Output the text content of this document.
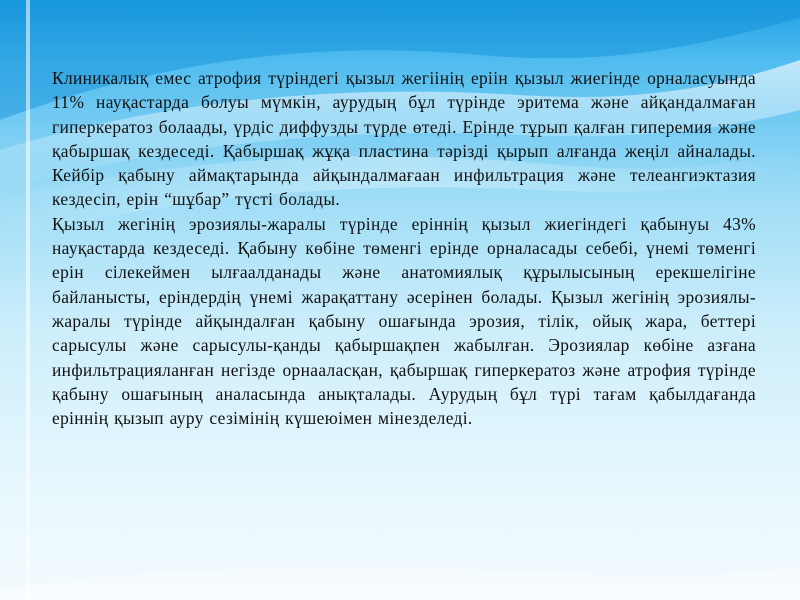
Клиникалық емес атрофия түріндегі қызыл жегіінің еріін қызыл жиегінде орналасуында 11% науқастарда болуы мүмкін, аурудың бұл түрінде эритема және айқандалмаған гиперкератоз болаады, үрдіс диффузды түрде өтеді. Ерінде тұрып қалған гиперемия және қабыршақ кездеседі. Қабыршақ жұқа пластина тәрізді қырып алғанда жеңіл айналады. Кейбір қабыну аймақтарында айқындалмағаан инфильтрация және телеангиэктазия кездесіп, ерін “шұбар” түсті болады.

Қызыл жегінің эрозиялы-жаралы түрінде еріннің қызыл жиегіндегі қабынуы 43% науқастарда кездеседі. Қабыну көбіне төменгі ерінде орналасады себебі, үнемі төменгі ерін сілекеймен ылғаалданады және анатомиялық құрылысының ерекшелігіне байланысты, еріндердің үнемі жарақаттану әсерінен болады. Қызыл жегінің эрозиялы-жаралы түрінде айқындалған қабыну ошағында эрозия, тілік, ойық жара, беттері сарысулы және сарысулы-қанды қабыршақпен жабылған. Эрозиялар көбіне азғана инфильтрацияланған негізде орнааласқан, қабыршақ гиперкератоз және атрофия түрінде қабыну ошағының аналасында анықталады. Аурудың бұл түрі тағам қабылдағанда еріннің қызып ауру сезімінің күшеюімен мінезделеді.
